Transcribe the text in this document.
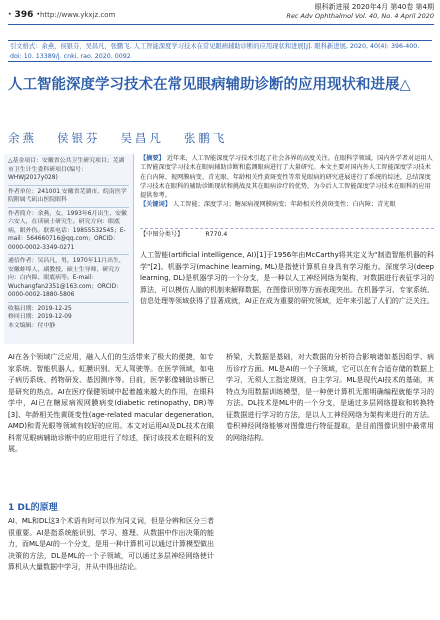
· 396 · http://www.ykxjz.com
眼科新进展 2020年4月 第40卷 第4期
Rec Adv Ophthalmol Vol. 40, No. 4 April 2020
引文格式：余燕，侯银芬，吴昌凡，张鹏飞. 人工智能深度学习技术在常见眼病辅助诊断的应用现状和进展[J]. 眼科新进展, 2020, 40(4): 396-400. doi: 10. 13389/j. cnki. rao. 2020. 0092
人工智能深度学习技术在常见眼病辅助诊断的应用现状和进展△
余燕 侯银芬 吴昌凡 张鹏飞
△基金项目：安徽省公共卫生研究项目；芜湖市卫生计生委科研项目(编号：WHWJ2017y028)
作者单位：241001 安徽省芜湖市，皖南医学院附属弋矶山医院眼科
作者简介：余燕，女，1993年6月出生，安徽六安人，在读硕士研究生。研究方向：眼底病，眼外伤。联系电话：19855532545；E-mail：564660716@qq.com；ORCID：0000-0002-3349-0271
通信作者：吴昌凡，男，1970年11月出生，安徽蚌埠人，副教授，硕士生导师，研究方向：白内障、眼底病等。E-mail：Wuchangfan2351@163.com；ORCID：0000-0002-1880-5806
收稿日期：2019-12-25
修回日期：2019-12-09
本文编辑：付中静
【摘要】 近年来，人工智能深度学习技术引起了社会各界的高度关注。在眼科学领域，国内外学者对运用人工智能深度学习技术在眼病辅助诊断和监测眼病进行了大量研究。本文主要对国内外人工智能深度学习技术在白内障、视网膜病变、青光眼、年龄相关性黄斑变性等常见眼病的研究进展进行了系统的综述，总结深度学习技术在眼科的辅助诊断现状和挑战及其在眼病诊疗的优势，为今后人工智能深度学习技术在眼科的应用提供参考。
【关键词】 人工智能；深度学习；糖尿病视网膜病变；年龄相关性黄斑变性；白内障；青光眼
【中图分类号】	R770.4
人工智能(artificial intelligence, AI)[1]于1956年由McCarthy将其定义为"制造智能机器的科学"[2]。机器学习(machine learning, ML)是指使计算机自身具有学习能力。深度学习(deep learning, DL)是机器学习的一个分支，是一种以人工神经网络为架构，对数据进行表征学习的算法，可以模仿人脑的机制来解释数据，在图像识别等方面表现突出。在机器学习、专家系统、信息处理等领域获得了显著成就，AI正在成为重要的研究领域，近年来引起了人们的广泛关注。
AI在各个领域广泛应用，融入人们的生活带来了极大的便捷，如专家系统、智能机器人、虹膜识别、无人驾驶等。在医学领域，如电子病历系统、药物研发、基因测序等。目前，医学影像辅助诊断已是研究的热点。AI在医疗保健领域中起着越来越大的作用，在眼科学中，AI已在糖尿病视网膜病变(diabetic retinopathy, DR)等[3]、年龄相关性黄斑变性(age-related macular degeneration, AMD)和青光眼等领域有较好的应用。本文对运用AI及DL技术在眼科常见眼病辅助诊断中的应用进行了综述，探讨该技术在眼科的发展。
桥梁，大数据是基础，对大数据的分析符合影响诸如基因组学、病历诊疗方面。ML是AI的一个子领域，它可以在有合适存储的数据上学习，无须人工指定规则，自主学习。ML是现代AI技术的基础，其特点为用数据训练模型，是一种使计算机无需明确编程就能学习的方法。DL技术是ML中的一个分支，是通过多层网络提取和转换特征数据进行学习的方法，是以人工神经网络为架构来进行的方法。卷积神经网络能够对图像进行特征提取，是目前图像识别中最常用的网络结构。
1 DL的原理
AI、ML和DL这3个术语有时可以作为同义词，但是分辨和区分三者很重要。AI是指系统能识别、学习、推理、从数据中作出决策的能力，而ML是AI的一个分支，是用一种计算机可以通过计算模型做出决策的方法，DL是ML的一个子领域，可以通过多层神经网络使计算机从大量数据中学习，并从中得出结论。
